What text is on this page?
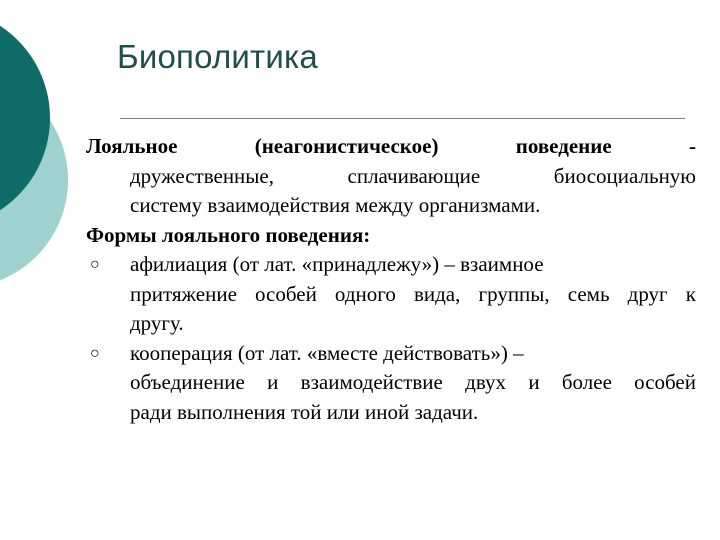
Биополитика
Лояльное	(неагонистическое)	поведение	-
дружественные, сплачивающие биосоциальную
систему взаимодействия между организмами.
Формы лояльного поведения:
○	афилиация (от лат. «принадлежу») – взаимное
притяжение особей одного вида, группы, семь друг к
другу.
○	кооперация (от лат. «вместе действовать») –
объединение и взаимодействие двух и более особей
ради выполнения той или иной задачи.
